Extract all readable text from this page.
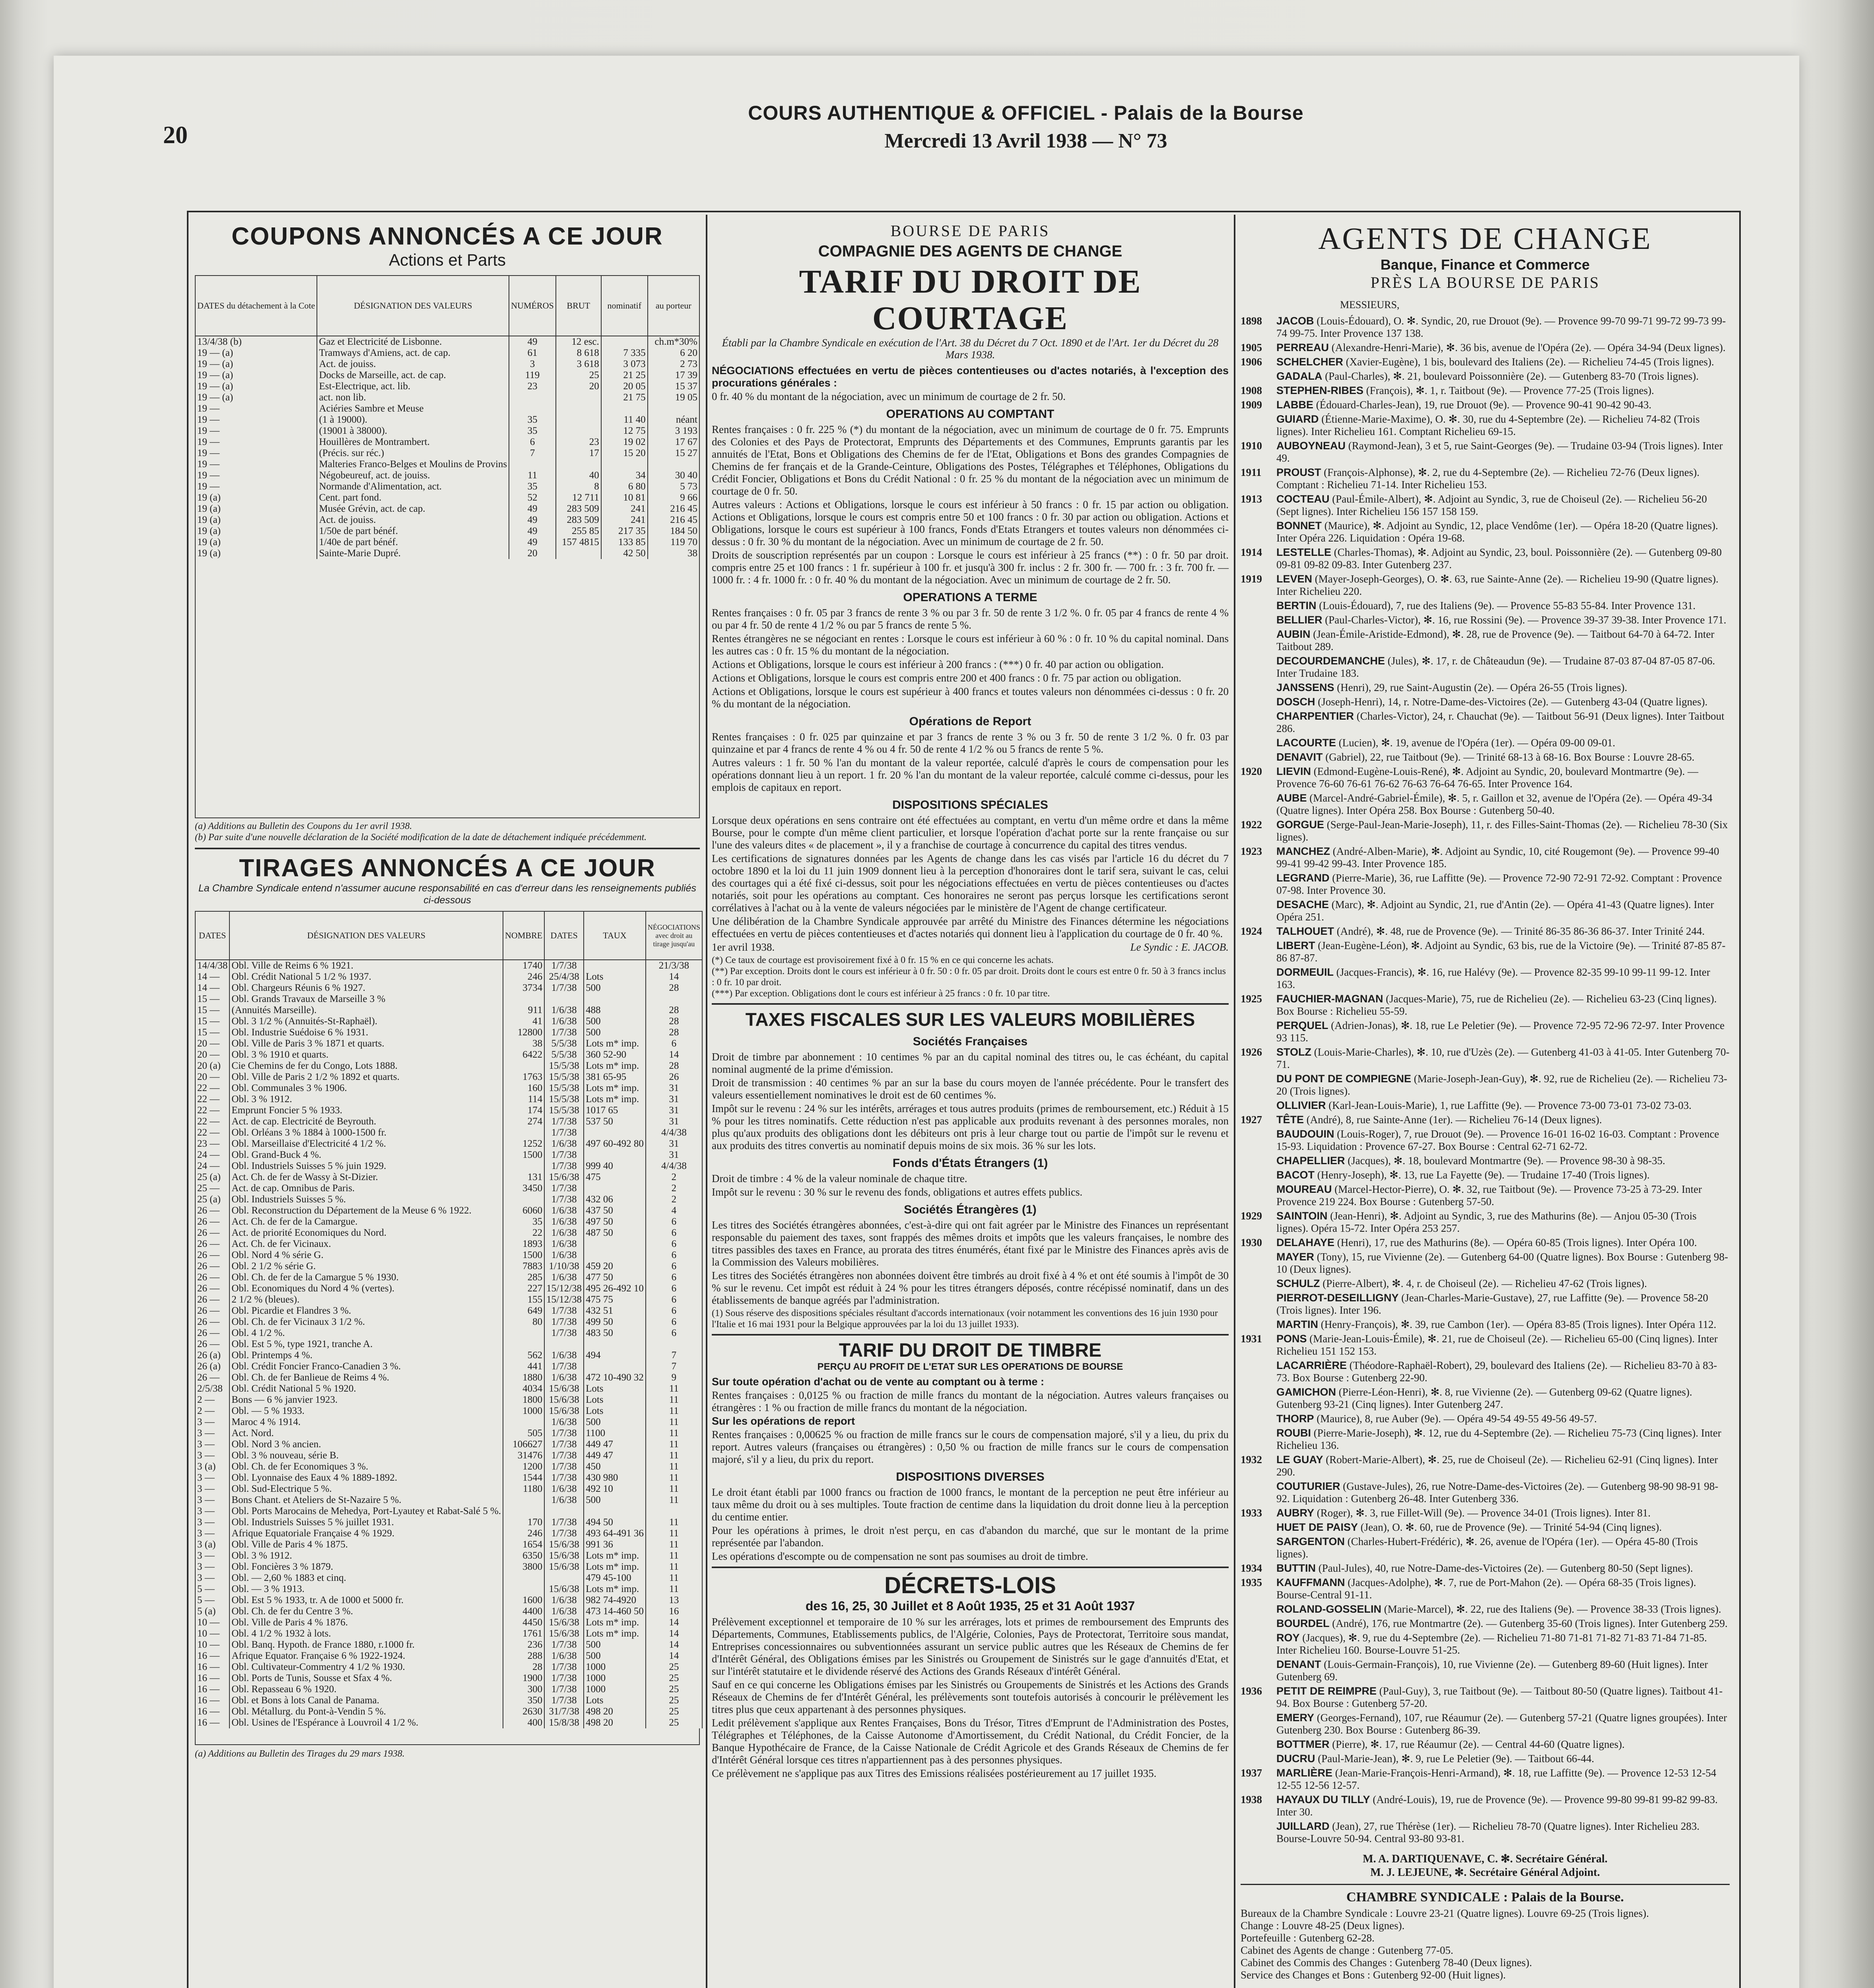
20
COURS AUTHENTIQUE & OFFICIEL - Palais de la Bourse
Mercredi 13 Avril 1938 — N° 73
COUPONS ANNONCÉS A CE JOUR
Actions et Parts
DATES du détachement à la Cote	DÉSIGNATION DES VALEURS	NUMÉROS	BRUT	nominatif	au porteur
13/4/38 (b)	Gaz et Electricité de Lisbonne.	49	12 esc.		ch.m*30%
19 — (a)	Tramways d'Amiens, act. de cap.	61	8 618	7 335	6 20
19 — (a)	Act. de jouiss.	3	3 618	3 073	2 73
19 — (a)	Docks de Marseille, act. de cap.	119	25	21 25	17 39
19 — (a)	Est-Electrique, act. lib.	23	20	20 05	15 37
19 — (a)	act. non lib.			21 75	19 05
19 —	Aciéries Sambre et Meuse				
19 —	(1 à 19000).	35		11 40	néant
19 —	(19001 à 38000).	35		12 75	3 193
19 —	Houillères de Montrambert.	6	23	19 02	17 67
19 —	(Précis. sur réc.)	7	17	15 20	15 27
19 —	Malteries Franco-Belges et Moulins de Provins				
19 —	Négobeureuf, act. de jouiss.	11	40	34	30 40
19 —	Normande d'Alimentation, act.	35	8	6 80	5 73
19 (a)	Cent. part fond.	52	12 711	10 81	9 66
19 (a)	Musée Grévin, act. de cap.	49	283 509	241	216 45
19 (a)	Act. de jouiss.	49	283 509	241	216 45
19 (a)	1/50e de part bénéf.	49	255 85	217 35	184 50
19 (a)	1/40e de part bénéf.	49	157 4815	133 85	119 70
19 (a)	Sainte-Marie Dupré.	20		42 50	38
(a) Additions au Bulletin des Coupons du 1er avril 1938.
(b) Par suite d'une nouvelle déclaration de la Société modification de la date de détachement indiquée précédemment.
TIRAGES ANNONCÉS A CE JOUR
La Chambre Syndicale entend n'assumer aucune responsabilité en cas d'erreur dans les renseignements publiés ci-dessous
DATES	DÉSIGNATION DES VALEURS	NOMBRE	DATES	TAUX	NÉGOCIATIONS avec droit au tirage jusqu'au
14/4/38	Obl. Ville de Reims 6 % 1921.	1740	1/7/38		21/3/38
14 —	Obl. Crédit National 5 1/2 % 1937.	246	25/4/38	Lots	14
14 —	Obl. Chargeurs Réunis 6 % 1927.	3734	1/7/38	500	28
15 —	Obl. Grands Travaux de Marseille 3 %				
15 —	(Annuités Marseille).	911	1/6/38	488	28
15 —	Obl. 3 1/2 % (Annuités-St-Raphaël).	41	1/6/38	500	28
15 —	Obl. Industrie Suédoise 6 % 1931.	12800	1/7/38	500	28
20 —	Obl. Ville de Paris 3 % 1871 et quarts.	38	5/5/38	Lots m* imp.	6
20 —	Obl. 3 % 1910 et quarts.	6422	5/5/38	360 52-90	14
20 (a)	Cie Chemins de fer du Congo, Lots 1888.		15/5/38	Lots m* imp.	28
20 —	Obl. Ville de Paris 2 1/2 % 1892 et quarts.	1763	15/5/38	381 65-95	26
22 —	Obl. Communales 3 % 1906.	160	15/5/38	Lots m* imp.	31
22 —	Obl. 3 % 1912.	114	15/5/38	Lots m* imp.	31
22 —	Emprunt Foncier 5 % 1933.	174	15/5/38	1017 65	31
22 —	Act. de cap. Electricité de Beyrouth.	274	1/7/38	537 50	31
22 —	Obl. Orléans 3 % 1884 à 1000-1500 fr.		1/7/38		4/4/38
23 —	Obl. Marseillaise d'Electricité 4 1/2 %.	1252	1/6/38	497 60-492 80	31
24 —	Obl. Grand-Buck 4 %.	1500	1/7/38		31
24 —	Obl. Industriels Suisses 5 % juin 1929.		1/7/38	999 40	4/4/38
25 (a)	Act. Ch. de fer de Wassy à St-Dizier.	131	15/6/38	475	2
25 —	Act. de cap. Omnibus de Paris.	3450	1/7/38		2
25 (a)	Obl. Industriels Suisses 5 %.		1/7/38	432 06	2
26 —	Obl. Reconstruction du Département de la Meuse 6 % 1922.	6060	1/6/38	437 50	4
26 —	Act. Ch. de fer de la Camargue.	35	1/6/38	497 50	6
26 —	Act. de priorité Economiques du Nord.	22	1/6/38	487 50	6
26 —	Act. Ch. de fer Vicinaux.	1893	1/6/38		6
26 —	Obl. Nord 4 % série G.	1500	1/6/38		6
26 —	Obl. 2 1/2 % série G.	7883	1/10/38	459 20	6
26 —	Obl. Ch. de fer de la Camargue 5 % 1930.	285	1/6/38	477 50	6
26 —	Obl. Economiques du Nord 4 % (vertes).	227	15/12/38	495 26-492 10	6
26 —	2 1/2 % (bleues).	155	15/12/38	475 75	6
26 —	Obl. Picardie et Flandres 3 %.	649	1/7/38	432 51	6
26 —	Obl. Ch. de fer Vicinaux 3 1/2 %.	80	1/7/38	499 50	6
26 —	Obl. 4 1/2 %.		1/7/38	483 50	6
26 —	Obl. Est 5 %, type 1921, tranche A.				
26 (a)	Obl. Printemps 4 %.	562	1/6/38	494	7
26 (a)	Obl. Crédit Foncier Franco-Canadien 3 %.	441	1/7/38		7
26 —	Obl. Ch. de fer Banlieue de Reims 4 %.	1880	1/6/38	472 10-490 32	9
2/5/38	Obl. Crédit National 5 % 1920.	4034	15/6/38	Lots	11
2 —	Bons — 6 % janvier 1923.	1800	15/6/38	Lots	11
2 —	Obl. — 5 % 1933.	1000	15/6/38	Lots	11
3 —	Maroc 4 % 1914.		1/6/38	500	11
3 —	Act. Nord.	505	1/7/38	1100	11
3 —	Obl. Nord 3 % ancien.	106627	1/7/38	449 47	11
3 —	Obl. 3 % nouveau, série B.	31476	1/7/38	449 47	11
3 (a)	Obl. Ch. de fer Economiques 3 %.	1200	1/7/38	450	11
3 —	Obl. Lyonnaise des Eaux 4 % 1889-1892.	1544	1/7/38	430 980	11
3 —	Obl. Sud-Electrique 5 %.	1180	1/6/38	492 10	11
3 —	Bons Chant. et Ateliers de St-Nazaire 5 %.		1/6/38	500	11
3 —	Obl. Ports Marocains de Mehedya, Port-Lyautey et Rabat-Salé 5 %.				
3 —	Obl. Industriels Suisses 5 % juillet 1931.	170	1/7/38	494 50	11
3 —	Afrique Equatoriale Française 4 % 1929.	246	1/7/38	493 64-491 36	11
3 (a)	Obl. Ville de Paris 4 % 1875.	1654	15/6/38	991 36	11
3 —	Obl. 3 % 1912.	6350	15/6/38	Lots m* imp.	11
3 —	Obl. Foncières 3 % 1879.	3800	15/6/38	Lots m* imp.	11
3 —	Obl. — 2,60 % 1883 et cinq.			479 45-100	11
5 —	Obl. — 3 % 1913.		15/6/38	Lots m* imp.	11
5 —	Obl. Est 5 % 1933, tr. A de 1000 et 5000 fr.	1600	1/6/38	982 74-4920	13
5 (a)	Obl. Ch. de fer du Centre 3 %.	4400	1/6/38	473 14-460 50	16
10 —	Obl. Ville de Paris 4 % 1876.	4450	15/6/38	Lots m* imp.	14
10 —	Obl. 4 1/2 % 1932 à lots.	1761	15/6/38	Lots m* imp.	14
10 —	Obl. Banq. Hypoth. de France 1880, r.1000 fr.	236	1/7/38	500	14
16 —	Afrique Equator. Française 6 % 1922-1924.	288	1/6/38	500	14
16 —	Obl. Cultivateur-Commentry 4 1/2 % 1930.	28	1/7/38	1000	25
16 —	Obl. Ports de Tunis, Sousse et Sfax 4 %.	1900	1/7/38	1000	25
16 —	Obl. Repasseau 6 % 1920.	300	1/7/38	1000	25
16 —	Obl. et Bons à lots Canal de Panama.	350	1/7/38	Lots	25
16 —	Obl. Métallurg. du Pont-à-Vendin 5 %.	2630	31/7/38	498 20	25
16 —	Obl. Usines de l'Espérance à Louvroil 4 1/2 %.	400	15/8/38	498 20	25
(a) Additions au Bulletin des Tirages du 29 mars 1938.
BOURSE DE PARIS
COMPAGNIE DES AGENTS DE CHANGE
TARIF DU DROIT DE COURTAGE
Établi par la Chambre Syndicale en exécution de l'Art. 38 du Décret du 7 Oct. 1890 et de l'Art. 1er du Décret du 28 Mars 1938.
NÉGOCIATIONS effectuées en vertu de pièces contentieuses ou d'actes notariés, à l'exception des procurations générales :
0 fr. 40 % du montant de la négociation, avec un minimum de courtage de 2 fr. 50.
OPERATIONS AU COMPTANT
Rentes françaises : 0 fr. 225 % (*) du montant de la négociation, avec un minimum de courtage de 0 fr. 75. Emprunts des Colonies et des Pays de Protectorat, Emprunts des Départements et des Communes, Emprunts garantis par les annuités de l'Etat, Bons et Obligations des Chemins de fer de l'Etat, Obligations et Bons des grandes Compagnies de Chemins de fer français et de la Grande-Ceinture, Obligations des Postes, Télégraphes et Téléphones, Obligations du Crédit Foncier, Obligations et Bons du Crédit National : 0 fr. 25 % du montant de la négociation avec un minimum de courtage de 0 fr. 50.
Autres valeurs : Actions et Obligations, lorsque le cours est inférieur à 50 francs : 0 fr. 15 par action ou obligation. Actions et Obligations, lorsque le cours est compris entre 50 et 100 francs : 0 fr. 30 par action ou obligation. Actions et Obligations, lorsque le cours est supérieur à 100 francs, Fonds d'Etats Etrangers et toutes valeurs non dénommées ci-dessus : 0 fr. 30 % du montant de la négociation. Avec un minimum de courtage de 2 fr. 50.
Droits de souscription représentés par un coupon : Lorsque le cours est inférieur à 25 francs (**) : 0 fr. 50 par droit. compris entre 25 et 100 francs : 1 fr. supérieur à 100 fr. et jusqu'à 300 fr. inclus : 2 fr. 300 fr. — 700 fr. : 3 fr. 700 fr. — 1000 fr. : 4 fr. 1000 fr. : 0 fr. 40 % du montant de la négociation. Avec un minimum de courtage de 2 fr. 50.
OPERATIONS A TERME
Rentes françaises : 0 fr. 05 par 3 francs de rente 3 % ou par 3 fr. 50 de rente 3 1/2 %. 0 fr. 05 par 4 francs de rente 4 % ou par 4 fr. 50 de rente 4 1/2 % ou par 5 francs de rente 5 %.
Rentes étrangères ne se négociant en rentes : Lorsque le cours est inférieur à 60 % : 0 fr. 10 % du capital nominal. Dans les autres cas : 0 fr. 15 % du montant de la négociation.
Actions et Obligations, lorsque le cours est inférieur à 200 francs : (***) 0 fr. 40 par action ou obligation.
Actions et Obligations, lorsque le cours est compris entre 200 et 400 francs : 0 fr. 75 par action ou obligation.
Actions et Obligations, lorsque le cours est supérieur à 400 francs et toutes valeurs non dénommées ci-dessus : 0 fr. 20 % du montant de la négociation.
Opérations de Report
Rentes françaises : 0 fr. 025 par quinzaine et par 3 francs de rente 3 % ou 3 fr. 50 de rente 3 1/2 %. 0 fr. 03 par quinzaine et par 4 francs de rente 4 % ou 4 fr. 50 de rente 4 1/2 % ou 5 francs de rente 5 %.
Autres valeurs : 1 fr. 50 % l'an du montant de la valeur reportée, calculé d'après le cours de compensation pour les opérations donnant lieu à un report. 1 fr. 20 % l'an du montant de la valeur reportée, calculé comme ci-dessus, pour les emplois de capitaux en report.
DISPOSITIONS SPÉCIALES
Lorsque deux opérations en sens contraire ont été effectuées au comptant, en vertu d'un même ordre et dans la même Bourse, pour le compte d'un même client particulier, et lorsque l'opération d'achat porte sur la rente française ou sur l'une des valeurs dites « de placement », il y a franchise de courtage à concurrence du capital des titres vendus.
Les certifications de signatures données par les Agents de change dans les cas visés par l'article 16 du décret du 7 octobre 1890 et la loi du 11 juin 1909 donnent lieu à la perception d'honoraires dont le tarif sera, suivant le cas, celui des courtages qui a été fixé ci-dessus, soit pour les négociations effectuées en vertu de pièces contentieuses ou d'actes notariés, soit pour les opérations au comptant. Ces honoraires ne seront pas perçus lorsque les certifications seront corrélatives à l'achat ou à la vente de valeurs négociées par le ministère de l'Agent de change certificateur.
Une délibération de la Chambre Syndicale approuvée par arrêté du Ministre des Finances détermine les négociations effectuées en vertu de pièces contentieuses et d'actes notariés qui donnent lieu à l'application du courtage de 0 fr. 40 %.
1er avril 1938.	Le Syndic : E. JACOB.
(*) Ce taux de courtage est provisoirement fixé à 0 fr. 15 % en ce qui concerne les achats.
(**) Par exception. Droits dont le cours est inférieur à 0 fr. 50 : 0 fr. 05 par droit. Droits dont le cours est entre 0 fr. 50 à 3 francs inclus : 0 fr. 10 par droit.
(***) Par exception. Obligations dont le cours est inférieur à 25 francs : 0 fr. 10 par titre.
TAXES FISCALES SUR LES VALEURS MOBILIÈRES
Sociétés Françaises
Droit de timbre par abonnement : 10 centimes % par an du capital nominal des titres ou, le cas échéant, du capital nominal augmenté de la prime d'émission.
Droit de transmission : 40 centimes % par an sur la base du cours moyen de l'année précédente. Pour le transfert des valeurs essentiellement nominatives le droit est de 60 centimes %.
Impôt sur le revenu : 24 % sur les intérêts, arrérages et tous autres produits (primes de remboursement, etc.) Réduit à 15 % pour les titres nominatifs. Cette réduction n'est pas applicable aux produits revenant à des personnes morales, non plus qu'aux produits des obligations dont les débiteurs ont pris à leur charge tout ou partie de l'impôt sur le revenu et aux produits des titres convertis au nominatif depuis moins de six mois. 36 % sur les lots.
Fonds d'États Étrangers (1)
Droit de timbre : 4 % de la valeur nominale de chaque titre.
Impôt sur le revenu : 30 % sur le revenu des fonds, obligations et autres effets publics.
Sociétés Étrangères (1)
Les titres des Sociétés étrangères abonnées, c'est-à-dire qui ont fait agréer par le Ministre des Finances un représentant responsable du paiement des taxes, sont frappés des mêmes droits et impôts que les valeurs françaises, le nombre des titres passibles des taxes en France, au prorata des titres énumérés, étant fixé par le Ministre des Finances après avis de la Commission des Valeurs mobilières.
Les titres des Sociétés étrangères non abonnées doivent être timbrés au droit fixé à 4 % et ont été soumis à l'impôt de 30 % sur le revenu. Cet impôt est réduit à 24 % pour les titres étrangers déposés, contre récépissé nominatif, dans un des établissements de banque agréés par l'administration.
(1) Sous réserve des dispositions spéciales résultant d'accords internationaux (voir notamment les conventions des 16 juin 1930 pour l'Italie et 16 mai 1931 pour la Belgique approuvées par la loi du 13 juillet 1933).
TARIF DU DROIT DE TIMBRE
PERÇU AU PROFIT DE L'ETAT SUR LES OPERATIONS DE BOURSE
Sur toute opération d'achat ou de vente au comptant ou à terme :
Rentes françaises : 0,0125 % ou fraction de mille francs du montant de la négociation. Autres valeurs françaises ou étrangères : 1 % ou fraction de mille francs du montant de la négociation.
Sur les opérations de report
Rentes françaises : 0,00625 % ou fraction de mille francs sur le cours de compensation majoré, s'il y a lieu, du prix du report. Autres valeurs (françaises ou étrangères) : 0,50 % ou fraction de mille francs sur le cours de compensation majoré, s'il y a lieu, du prix du report.
DISPOSITIONS DIVERSES
Le droit étant établi par 1000 francs ou fraction de 1000 francs, le montant de la perception ne peut être inférieur au taux même du droit ou à ses multiples. Toute fraction de centime dans la liquidation du droit donne lieu à la perception du centime entier.
Pour les opérations à primes, le droit n'est perçu, en cas d'abandon du marché, que sur le montant de la prime représentée par l'abandon.
Les opérations d'escompte ou de compensation ne sont pas soumises au droit de timbre.
DÉCRETS-LOIS
des 16, 25, 30 Juillet et 8 Août 1935, 25 et 31 Août 1937
Prélèvement exceptionnel et temporaire de 10 % sur les arrérages, lots et primes de remboursement des Emprunts des Départements, Communes, Etablissements publics, de l'Algérie, Colonies, Pays de Protectorat, Territoire sous mandat, Entreprises concessionnaires ou subventionnées assurant un service public autres que les Réseaux de Chemins de fer d'Intérêt Général, des Obligations émises par les Sinistrés ou Groupement de Sinistrés sur le gage d'annuités d'Etat, et sur l'intérêt statutaire et le dividende réservé des Actions des Grands Réseaux d'intérêt Général.
Sauf en ce qui concerne les Obligations émises par les Sinistrés ou Groupements de Sinistrés et les Actions des Grands Réseaux de Chemins de fer d'Intérêt Général, les prélèvements sont toutefois autorisés à concourir le prélèvement les titres plus que ceux appartenant à des personnes physiques.
Ledit prélèvement s'applique aux Rentes Françaises, Bons du Trésor, Titres d'Emprunt de l'Administration des Postes, Télégraphes et Téléphones, de la Caisse Autonome d'Amortissement, du Crédit National, du Crédit Foncier, de la Banque Hypothécaire de France, de la Caisse Nationale de Crédit Agricole et des Grands Réseaux de Chemins de fer d'Intérêt Général lorsque ces titres n'appartiennent pas à des personnes physiques.
Ce prélèvement ne s'applique pas aux Titres des Emissions réalisées postérieurement au 17 juillet 1935.
AGENTS DE CHANGE
Banque, Finance et Commerce
PRÈS LA BOURSE DE PARIS
MESSIEURS,
1898 JACOB (Louis-Édouard), O. ✻. Syndic, 20, rue Drouot (9e). — Provence 99-70 99-71 99-72 99-73 99-74 99-75. Inter Provence 137 138.
1905 PERREAU (Alexandre-Henri-Marie), ✻. 36 bis, avenue de l'Opéra (2e). — Opéra 34-94 (Deux lignes).
1906 SCHELCHER (Xavier-Eugène), 1 bis, boulevard des Italiens (2e). — Richelieu 74-45 (Trois lignes).
GADALA (Paul-Charles), ✻. 21, boulevard Poissonnière (2e). — Gutenberg 83-70 (Trois lignes).
1908 STEPHEN-RIBES (François), ✻. 1, r. Taitbout (9e). — Provence 77-25 (Trois lignes).
1909 LABBE (Édouard-Charles-Jean), 19, rue Drouot (9e). — Provence 90-41 90-42 90-43.
GUIARD (Étienne-Marie-Maxime), O. ✻. 30, rue du 4-Septembre (2e). — Richelieu 74-82 (Trois lignes). Inter Richelieu 161. Comptant Richelieu 69-15.
1910 AUBOYNEAU (Raymond-Jean), 3 et 5, rue Saint-Georges (9e). — Trudaine 03-94 (Trois lignes). Inter 49.
1911 PROUST (François-Alphonse), ✻. 2, rue du 4-Septembre (2e). — Richelieu 72-76 (Deux lignes). Comptant : Richelieu 71-14. Inter Richelieu 153.
1913 COCTEAU (Paul-Émile-Albert), ✻. Adjoint au Syndic, 3, rue de Choiseul (2e). — Richelieu 56-20 (Sept lignes). Inter Richelieu 156 157 158 159.
BONNET (Maurice), ✻. Adjoint au Syndic, 12, place Vendôme (1er). — Opéra 18-20 (Quatre lignes). Inter Opéra 226. Liquidation : Opéra 19-68.
1914 LESTELLE (Charles-Thomas), ✻. Adjoint au Syndic, 23, boul. Poissonnière (2e). — Gutenberg 09-80 09-81 09-82 09-83. Inter Gutenberg 237.
1919 LEVEN (Mayer-Joseph-Georges), O. ✻. 63, rue Sainte-Anne (2e). — Richelieu 19-90 (Quatre lignes). Inter Richelieu 220.
BERTIN (Louis-Édouard), 7, rue des Italiens (9e). — Provence 55-83 55-84. Inter Provence 131.
BELLIER (Paul-Charles-Victor), ✻. 16, rue Rossini (9e). — Provence 39-37 39-38. Inter Provence 171.
AUBIN (Jean-Émile-Aristide-Edmond), ✻. 28, rue de Provence (9e). — Taitbout 64-70 à 64-72. Inter Taitbout 289.
DECOURDEMANCHE (Jules), ✻. 17, r. de Châteaudun (9e). — Trudaine 87-03 87-04 87-05 87-06. Inter Trudaine 183.
JANSSENS (Henri), 29, rue Saint-Augustin (2e). — Opéra 26-55 (Trois lignes).
DOSCH (Joseph-Henri), 14, r. Notre-Dame-des-Victoires (2e). — Gutenberg 43-04 (Quatre lignes).
CHARPENTIER (Charles-Victor), 24, r. Chauchat (9e). — Taitbout 56-91 (Deux lignes). Inter Taitbout 286.
LACOURTE (Lucien), ✻. 19, avenue de l'Opéra (1er). — Opéra 09-00 09-01.
DENAVIT (Gabriel), 22, rue Taitbout (9e). — Trinité 68-13 à 68-16. Box Bourse : Louvre 28-65.
1920 LIEVIN (Edmond-Eugène-Louis-René), ✻. Adjoint au Syndic, 20, boulevard Montmartre (9e). — Provence 76-60 76-61 76-62 76-63 76-64 76-65. Inter Provence 164.
AUBE (Marcel-André-Gabriel-Émile), ✻. 5, r. Gaillon et 32, avenue de l'Opéra (2e). — Opéra 49-34 (Quatre lignes). Inter Opéra 258. Box Bourse : Gutenberg 50-40.
1922 GORGUE (Serge-Paul-Jean-Marie-Joseph), 11, r. des Filles-Saint-Thomas (2e). — Richelieu 78-30 (Six lignes).
1923 MANCHEZ (André-Alben-Marie), ✻. Adjoint au Syndic, 10, cité Rougemont (9e). — Provence 99-40 99-41 99-42 99-43. Inter Provence 185.
LEGRAND (Pierre-Marie), 36, rue Laffitte (9e). — Provence 72-90 72-91 72-92. Comptant : Provence 07-98. Inter Provence 30.
DESACHE (Marc), ✻. Adjoint au Syndic, 21, rue d'Antin (2e). — Opéra 41-43 (Quatre lignes). Inter Opéra 251.
1924 TALHOUET (André), ✻. 48, rue de Provence (9e). — Trinité 86-35 86-36 86-37. Inter Trinité 244.
LIBERT (Jean-Eugène-Léon), ✻. Adjoint au Syndic, 63 bis, rue de la Victoire (9e). — Trinité 87-85 87-86 87-87.
DORMEUIL (Jacques-Francis), ✻. 16, rue Halévy (9e). — Provence 82-35 99-10 99-11 99-12. Inter 163.
1925 FAUCHIER-MAGNAN (Jacques-Marie), 75, rue de Richelieu (2e). — Richelieu 63-23 (Cinq lignes). Box Bourse : Richelieu 55-59.
PERQUEL (Adrien-Jonas), ✻. 18, rue Le Peletier (9e). — Provence 72-95 72-96 72-97. Inter Provence 93 115.
1926 STOLZ (Louis-Marie-Charles), ✻. 10, rue d'Uzès (2e). — Gutenberg 41-03 à 41-05. Inter Gutenberg 70-71.
DU PONT DE COMPIEGNE (Marie-Joseph-Jean-Guy), ✻. 92, rue de Richelieu (2e). — Richelieu 73-20 (Trois lignes).
OLLIVIER (Karl-Jean-Louis-Marie), 1, rue Laffitte (9e). — Provence 73-00 73-01 73-02 73-03.
1927 TÊTE (André), 8, rue Sainte-Anne (1er). — Richelieu 76-14 (Deux lignes).
BAUDOUIN (Louis-Roger), 7, rue Drouot (9e). — Provence 16-01 16-02 16-03. Comptant : Provence 15-93. Liquidation : Provence 67-27. Box Bourse : Central 62-71 62-72.
CHAPELLIER (Jacques), ✻. 18, boulevard Montmartre (9e). — Provence 98-30 à 98-35.
BACOT (Henry-Joseph), ✻. 13, rue La Fayette (9e). — Trudaine 17-40 (Trois lignes).
MOUREAU (Marcel-Hector-Pierre), O. ✻. 32, rue Taitbout (9e). — Provence 73-25 à 73-29. Inter Provence 219 224. Box Bourse : Gutenberg 57-50.
1929 SAINTOIN (Jean-Henri), ✻. Adjoint au Syndic, 3, rue des Mathurins (8e). — Anjou 05-30 (Trois lignes). Opéra 15-72. Inter Opéra 253 257.
1930 DELAHAYE (Henri), 17, rue des Mathurins (8e). — Opéra 60-85 (Trois lignes). Inter Opéra 100.
MAYER (Tony), 15, rue Vivienne (2e). — Gutenberg 64-00 (Quatre lignes). Box Bourse : Gutenberg 98-10 (Deux lignes).
SCHULZ (Pierre-Albert), ✻. 4, r. de Choiseul (2e). — Richelieu 47-62 (Trois lignes).
PIERROT-DESEILLIGNY (Jean-Charles-Marie-Gustave), 27, rue Laffitte (9e). — Provence 58-20 (Trois lignes). Inter 196.
MARTIN (Henry-François), ✻. 39, rue Cambon (1er). — Opéra 83-85 (Trois lignes). Inter Opéra 112.
1931 PONS (Marie-Jean-Louis-Émile), ✻. 21, rue de Choiseul (2e). — Richelieu 65-00 (Cinq lignes). Inter Richelieu 151 152 153.
LACARRIÈRE (Théodore-Raphaël-Robert), 29, boulevard des Italiens (2e). — Richelieu 83-70 à 83-73. Box Bourse : Gutenberg 22-90.
GAMICHON (Pierre-Léon-Henri), ✻. 8, rue Vivienne (2e). — Gutenberg 09-62 (Quatre lignes). Gutenberg 93-21 (Cinq lignes). Inter Gutenberg 247.
THORP (Maurice), 8, rue Auber (9e). — Opéra 49-54 49-55 49-56 49-57.
ROUBI (Pierre-Marie-Joseph), ✻. 12, rue du 4-Septembre (2e). — Richelieu 75-73 (Cinq lignes). Inter Richelieu 136.
1932 LE GUAY (Robert-Marie-Albert), ✻. 25, rue de Choiseul (2e). — Richelieu 62-91 (Cinq lignes). Inter 290.
COUTURIER (Gustave-Jules), 26, rue Notre-Dame-des-Victoires (2e). — Gutenberg 98-90 98-91 98-92. Liquidation : Gutenberg 26-48. Inter Gutenberg 336.
1933 AUBRY (Roger), ✻. 3, rue Fillet-Will (9e). — Provence 34-01 (Trois lignes). Inter 81.
HUET DE PAISY (Jean), O. ✻. 60, rue de Provence (9e). — Trinité 54-94 (Cinq lignes).
SARGENTON (Charles-Hubert-Frédéric), ✻. 26, avenue de l'Opéra (1er). — Opéra 45-80 (Trois lignes).
1934 BUTTIN (Paul-Jules), 40, rue Notre-Dame-des-Victoires (2e). — Gutenberg 80-50 (Sept lignes).
1935 KAUFFMANN (Jacques-Adolphe), ✻. 7, rue de Port-Mahon (2e). — Opéra 68-35 (Trois lignes). Bourse-Central 91-11.
ROLAND-GOSSELIN (Marie-Marcel), ✻. 22, rue des Italiens (9e). — Provence 38-33 (Trois lignes).
BOURDEL (André), 176, rue Montmartre (2e). — Gutenberg 35-60 (Trois lignes). Inter Gutenberg 259.
ROY (Jacques), ✻. 9, rue du 4-Septembre (2e). — Richelieu 71-80 71-81 71-82 71-83 71-84 71-85. Inter Richelieu 160. Bourse-Louvre 51-25.
DENANT (Louis-Germain-François), 10, rue Vivienne (2e). — Gutenberg 89-60 (Huit lignes). Inter Gutenberg 69.
1936 PETIT DE REIMPRE (Paul-Guy), 3, rue Taitbout (9e). — Taitbout 80-50 (Quatre lignes). Taitbout 41-94. Box Bourse : Gutenberg 57-20.
EMERY (Georges-Fernand), 107, rue Réaumur (2e). — Gutenberg 57-21 (Quatre lignes groupées). Inter Gutenberg 230. Box Bourse : Gutenberg 86-39.
BOTTMER (Pierre), ✻. 17, rue Réaumur (2e). — Central 44-60 (Quatre lignes).
DUCRU (Paul-Marie-Jean), ✻. 9, rue Le Peletier (9e). — Taitbout 66-44.
1937 MARLIÈRE (Jean-Marie-François-Henri-Armand), ✻. 18, rue Laffitte (9e). — Provence 12-53 12-54 12-55 12-56 12-57.
1938 HAYAUX DU TILLY (André-Louis), 19, rue de Provence (9e). — Provence 99-80 99-81 99-82 99-83. Inter 30.
JUILLARD (Jean), 27, rue Thérèse (1er). — Richelieu 78-70 (Quatre lignes). Inter Richelieu 283. Bourse-Louvre 50-94. Central 93-80 93-81.
M. A. DARTIQUENAVE, C. ✻. Secrétaire Général.
M. J. LEJEUNE, ✻. Secrétaire Général Adjoint.
CHAMBRE SYNDICALE : Palais de la Bourse.
Bureaux de la Chambre Syndicale : Louvre 23-21 (Quatre lignes). Louvre 69-25 (Trois lignes).
Change : Louvre 48-25 (Deux lignes).
Portefeuille : Gutenberg 62-28.
Cabinet des Agents de change : Gutenberg 77-05.
Cabinet des Commis des Changes : Gutenberg 78-40 (Deux lignes).
Service des Changes et Bons : Gutenberg 92-00 (Huit lignes).
